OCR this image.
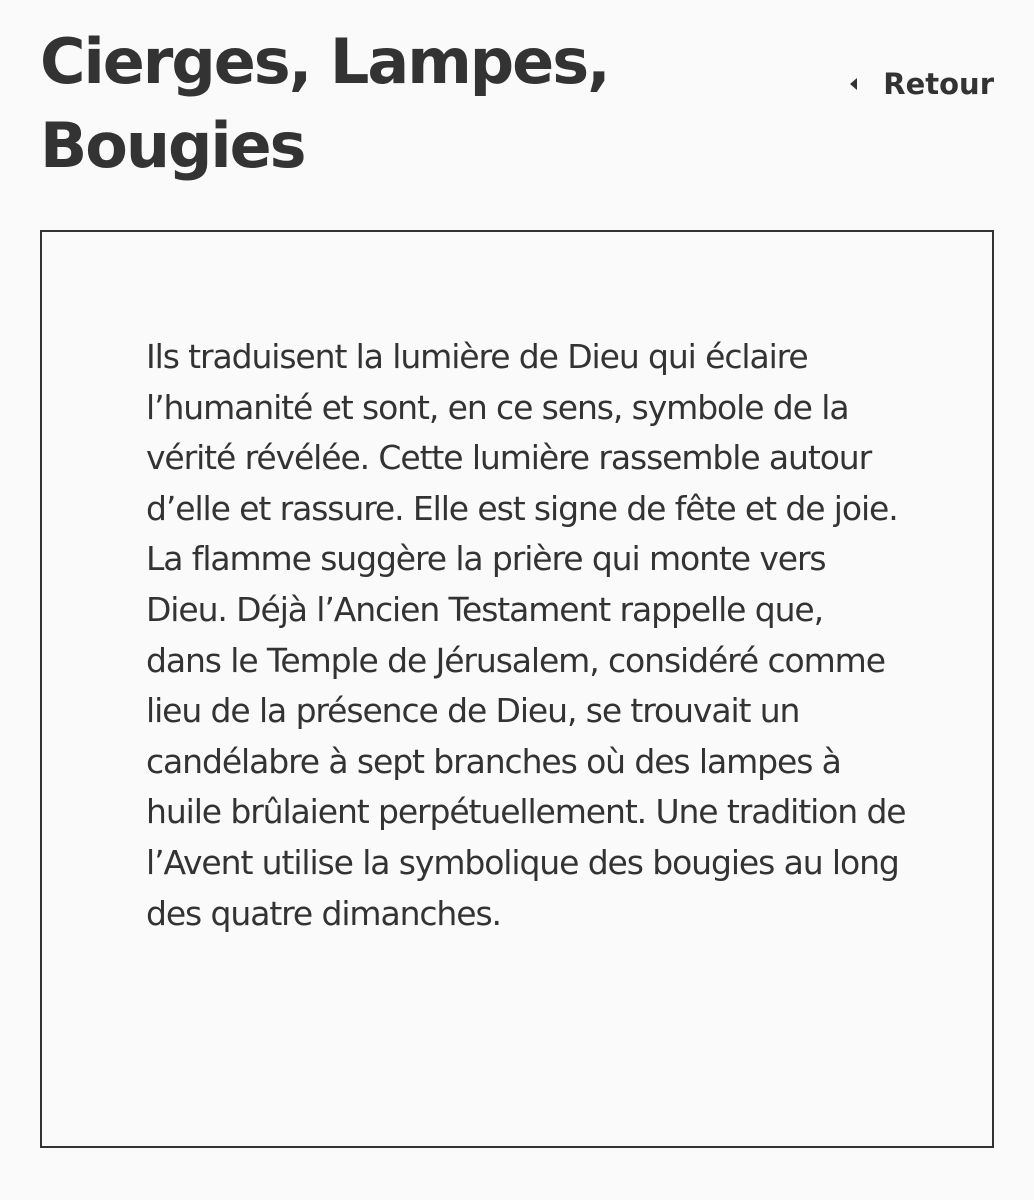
Cierges, Lampes, Bougies
Retour

Ils traduisent la lumière de Dieu qui éclaire l’humanité et sont, en ce sens, symbole de la vérité révélée. Cette lumière rassemble autour d’elle et rassure. Elle est signe de fête et de joie. La flamme suggère la prière qui monte vers Dieu. Déjà l’Ancien Testament rappelle que, dans le Temple de Jérusalem, considéré comme lieu de la présence de Dieu, se trouvait un candélabre à sept branches où des lampes à huile brûlaient perpétuellement. Une tradition de l’Avent utilise la symbolique des bougies au long des quatre dimanches.
